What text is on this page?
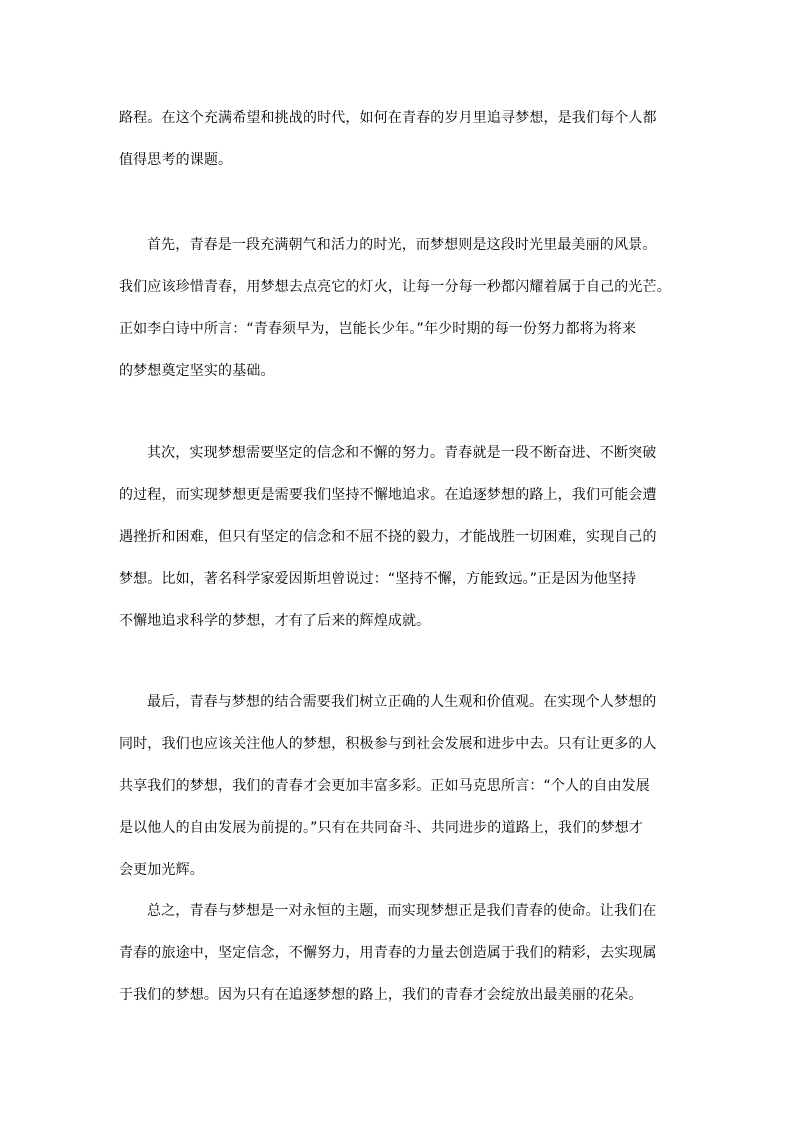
路程。在这个充满希望和挑战的时代，如何在青春的岁月里追寻梦想，是我们每个人都
值得思考的课题。
首先，青春是一段充满朝气和活力的时光，而梦想则是这段时光里最美丽的风景。
我们应该珍惜青春，用梦想去点亮它的灯火，让每一分每一秒都闪耀着属于自己的光芒。
正如李白诗中所言：“青春须早为，岂能长少年。”年少时期的每一份努力都将为将来
的梦想奠定坚实的基础。
其次，实现梦想需要坚定的信念和不懈的努力。青春就是一段不断奋进、不断突破
的过程，而实现梦想更是需要我们坚持不懈地追求。在追逐梦想的路上，我们可能会遭
遇挫折和困难，但只有坚定的信念和不屈不挠的毅力，才能战胜一切困难，实现自己的
梦想。比如，著名科学家爱因斯坦曾说过：“坚持不懈，方能致远。”正是因为他坚持
不懈地追求科学的梦想，才有了后来的辉煌成就。
最后，青春与梦想的结合需要我们树立正确的人生观和价值观。在实现个人梦想的
同时，我们也应该关注他人的梦想，积极参与到社会发展和进步中去。只有让更多的人
共享我们的梦想，我们的青春才会更加丰富多彩。正如马克思所言：“个人的自由发展
是以他人的自由发展为前提的。”只有在共同奋斗、共同进步的道路上，我们的梦想才
会更加光辉。
总之，青春与梦想是一对永恒的主题，而实现梦想正是我们青春的使命。让我们在
青春的旅途中，坚定信念，不懈努力，用青春的力量去创造属于我们的精彩，去实现属
于我们的梦想。因为只有在追逐梦想的路上，我们的青春才会绽放出最美丽的花朵。
